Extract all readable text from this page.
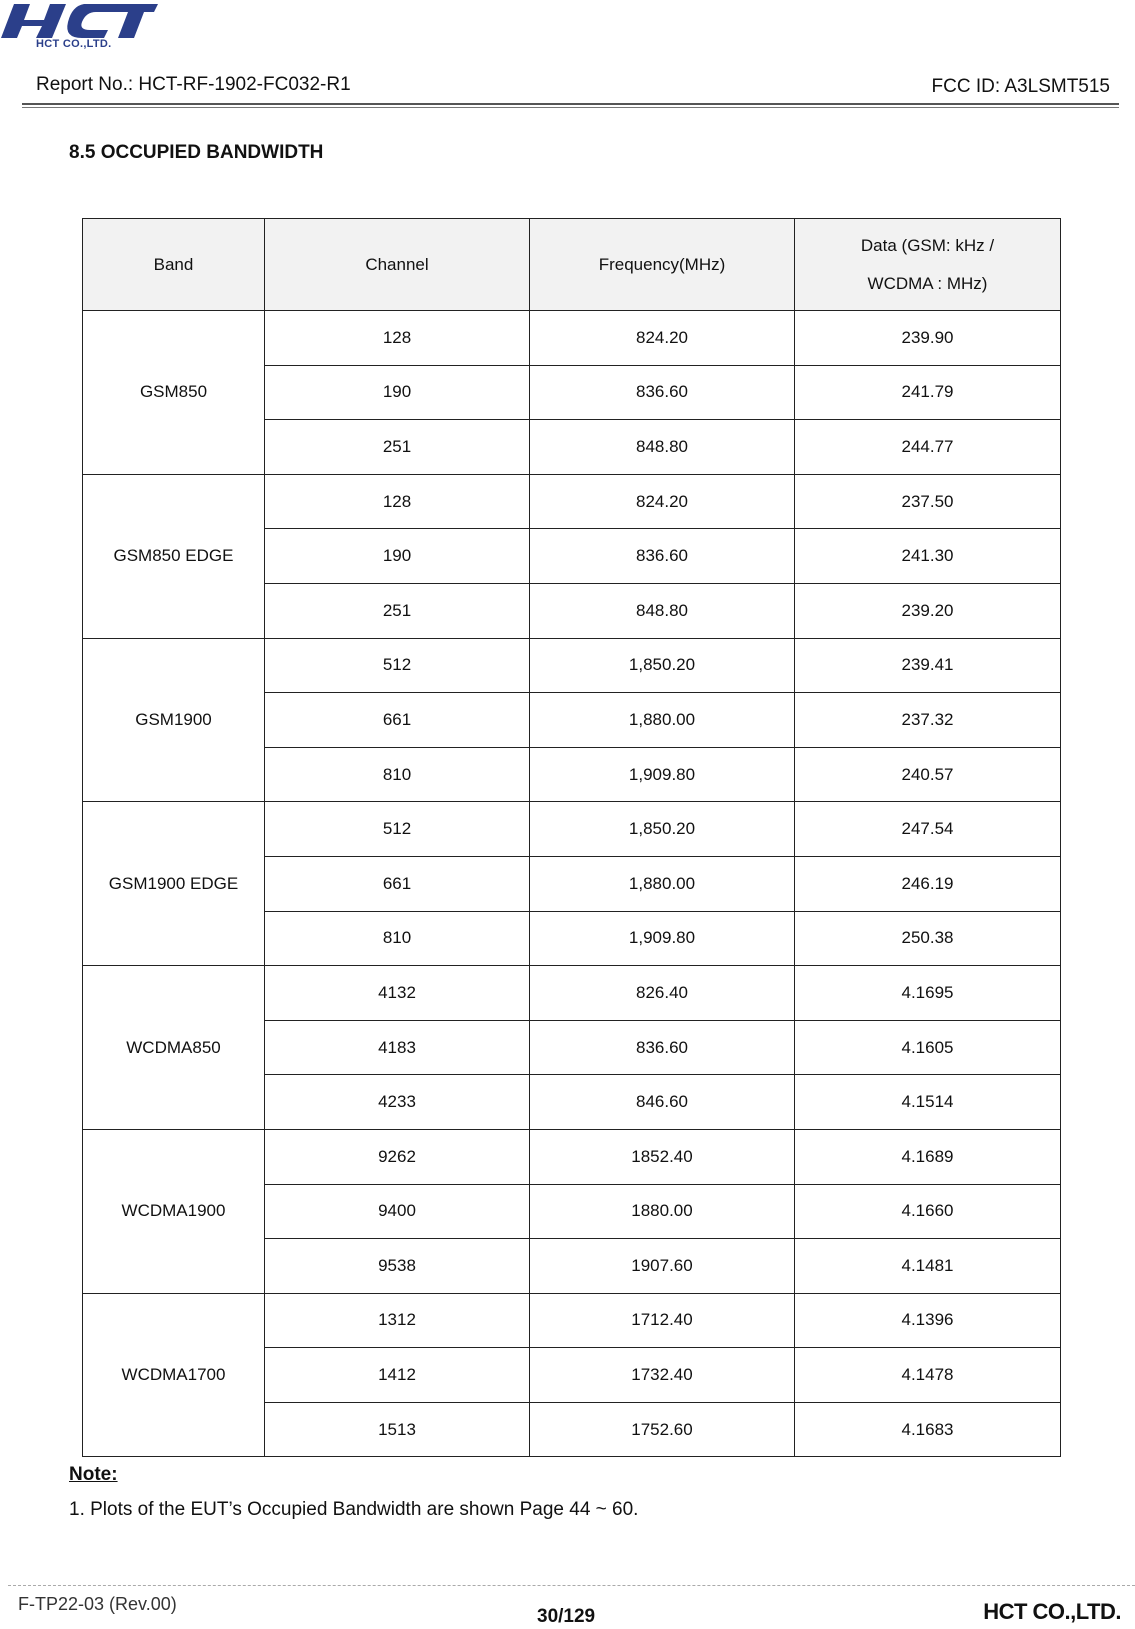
HCT CO.,LTD.
Report No.: HCT-RF-1902-FC032-R1	FCC ID: A3LSMT515
8.5 OCCUPIED BANDWIDTH
Band	Channel	Frequency(MHz)	Data (GSM: kHz /
WCDMA : MHz)
GSM850	128	824.20	239.90
	190	836.60	241.79
	251	848.80	244.77
GSM850 EDGE	128	824.20	237.50
	190	836.60	241.30
	251	848.80	239.20
GSM1900	512	1,850.20	239.41
	661	1,880.00	237.32
	810	1,909.80	240.57
GSM1900 EDGE	512	1,850.20	247.54
	661	1,880.00	246.19
	810	1,909.80	250.38
WCDMA850	4132	826.40	4.1695
	4183	836.60	4.1605
	4233	846.60	4.1514
WCDMA1900	9262	1852.40	4.1689
	9400	1880.00	4.1660
	9538	1907.60	4.1481
WCDMA1700	1312	1712.40	4.1396
	1412	1732.40	4.1478
	1513	1752.60	4.1683
Note:
1. Plots of the EUT’s Occupied Bandwidth are shown Page 44 ~ 60.
F-TP22-03 (Rev.00)
30/129	HCT CO.,LTD.
